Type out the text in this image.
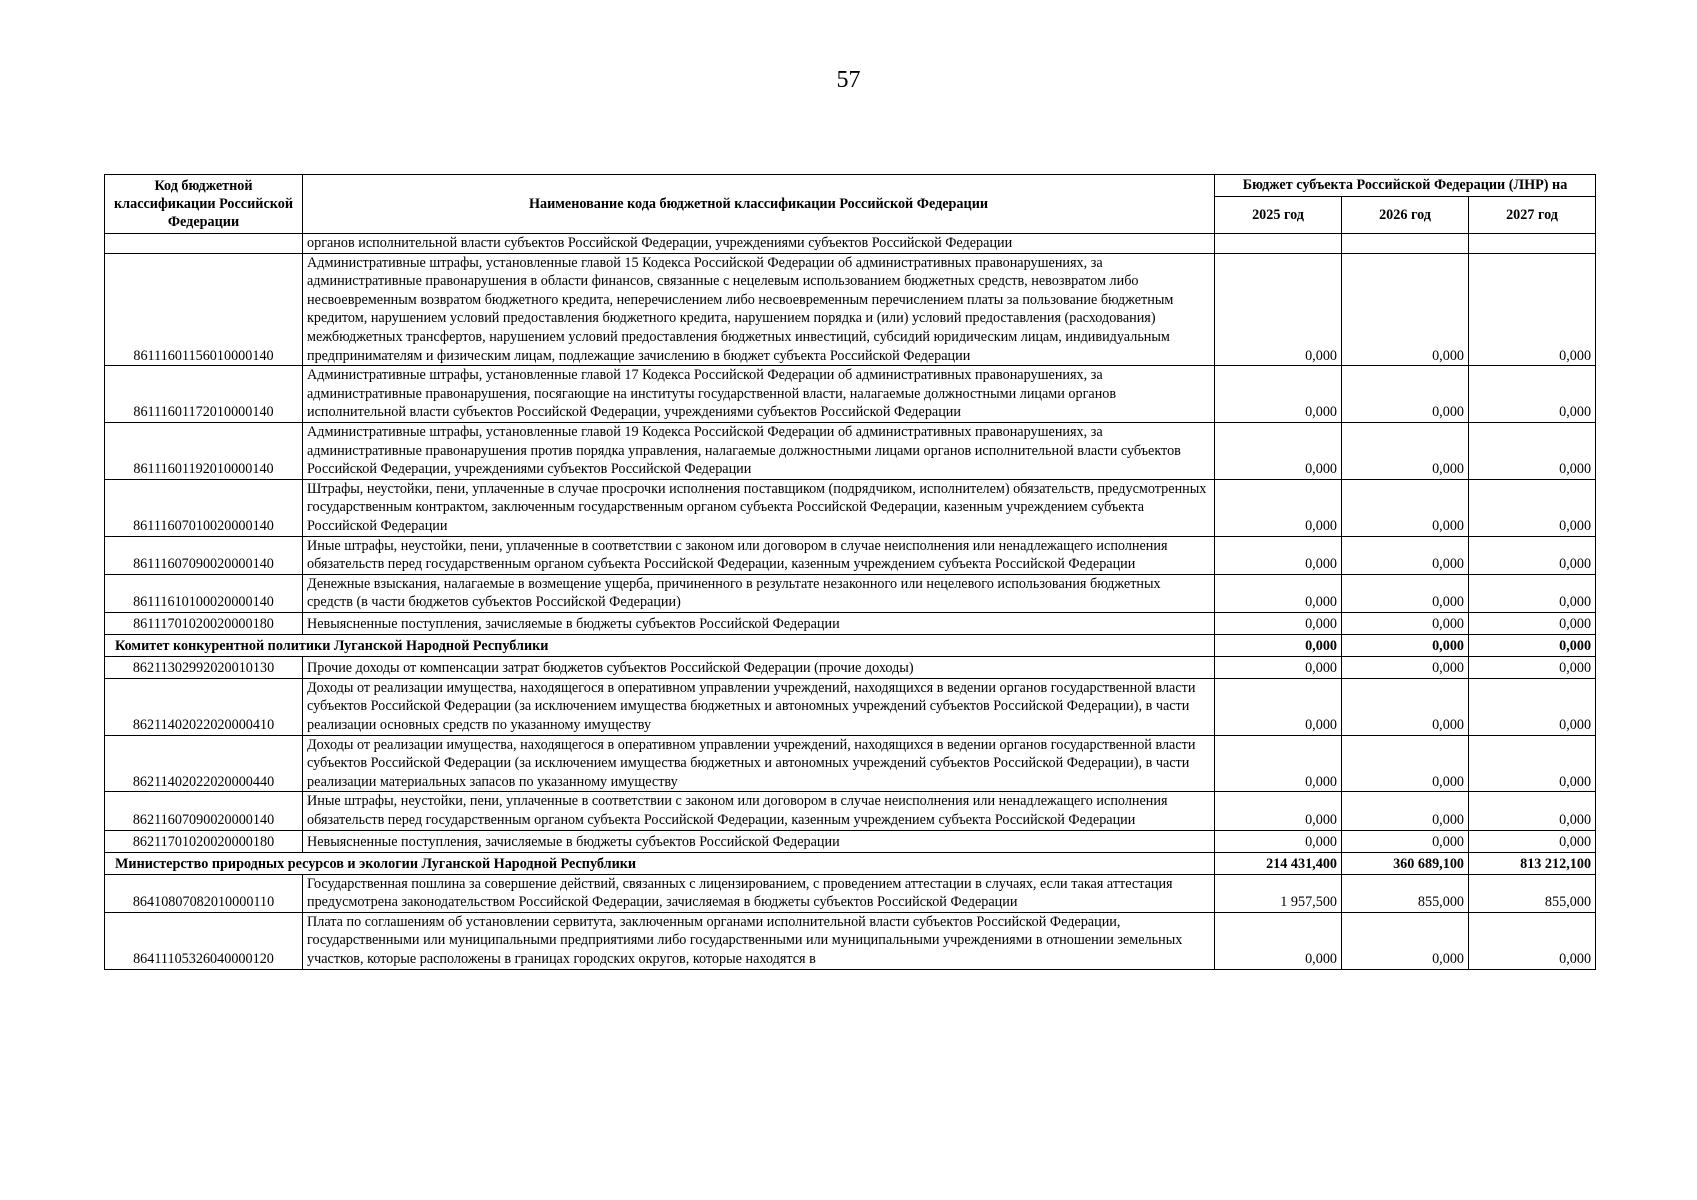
57
Код бюджетной классификации Российской Федерации	Наименование кода бюджетной классификации Российской Федерации	Бюджет субъекта Российской Федерации (ЛНР) на		
		2025 год	2026 год	2027 год
	органов исполнительной власти субъектов Российской Федерации, учреждениями субъектов Российской Федерации			
86111601156010000140	Административные штрафы, установленные главой 15 Кодекса Российской Федерации об административных правонарушениях, за административные правонарушения в области финансов, связанные с нецелевым использованием бюджетных средств, невозвратом либо несвоевременным возвратом бюджетного кредита, неперечислением либо несвоевременным перечислением платы за пользование бюджетным кредитом, нарушением условий предоставления бюджетного кредита, нарушением порядка и (или) условий предоставления (расходования) межбюджетных трансфертов, нарушением условий предоставления бюджетных инвестиций, субсидий юридическим лицам, индивидуальным предпринимателям и физическим лицам, подлежащие зачислению в бюджет субъекта Российской Федерации	0,000	0,000	0,000
86111601172010000140	Административные штрафы, установленные главой 17 Кодекса Российской Федерации об административных правонарушениях, за административные правонарушения, посягающие на институты государственной власти, налагаемые должностными лицами органов исполнительной власти субъектов Российской Федерации, учреждениями субъектов Российской Федерации	0,000	0,000	0,000
86111601192010000140	Административные штрафы, установленные главой 19 Кодекса Российской Федерации об административных правонарушениях, за административные правонарушения против порядка управления, налагаемые должностными лицами органов исполнительной власти субъектов Российской Федерации, учреждениями субъектов Российской Федерации	0,000	0,000	0,000
86111607010020000140	Штрафы, неустойки, пени, уплаченные в случае просрочки исполнения поставщиком (подрядчиком, исполнителем) обязательств, предусмотренных государственным контрактом, заключенным государственным органом субъекта Российской Федерации, казенным учреждением субъекта Российской Федерации	0,000	0,000	0,000
86111607090020000140	Иные штрафы, неустойки, пени, уплаченные в соответствии с законом или договором в случае неисполнения или ненадлежащего исполнения обязательств перед государственным органом субъекта Российской Федерации, казенным учреждением субъекта Российской Федерации	0,000	0,000	0,000
86111610100020000140	Денежные взыскания, налагаемые в возмещение ущерба, причиненного в результате незаконного или нецелевого использования бюджетных средств (в части бюджетов субъектов Российской Федерации)	0,000	0,000	0,000
86111701020020000180	Невыясненные поступления, зачисляемые в бюджеты субъектов Российской Федерации	0,000	0,000	0,000
Комитет конкурентной политики Луганской Народной Республики		0,000	0,000	0,000
86211302992020010130	Прочие доходы от компенсации затрат бюджетов субъектов Российской Федерации (прочие доходы)	0,000	0,000	0,000
86211402022020000410	Доходы от реализации имущества, находящегося в оперативном управлении учреждений, находящихся в ведении органов государственной власти субъектов Российской Федерации (за исключением имущества бюджетных и автономных учреждений субъектов Российской Федерации), в части реализации основных средств по указанному имуществу	0,000	0,000	0,000
86211402022020000440	Доходы от реализации имущества, находящегося в оперативном управлении учреждений, находящихся в ведении органов государственной власти субъектов Российской Федерации (за исключением имущества бюджетных и автономных учреждений субъектов Российской Федерации), в части реализации материальных запасов по указанному имуществу	0,000	0,000	0,000
86211607090020000140	Иные штрафы, неустойки, пени, уплаченные в соответствии с законом или договором в случае неисполнения или ненадлежащего исполнения обязательств перед государственным органом субъекта Российской Федерации, казенным учреждением субъекта Российской Федерации	0,000	0,000	0,000
86211701020020000180	Невыясненные поступления, зачисляемые в бюджеты субъектов Российской Федерации	0,000	0,000	0,000
Министерство природных ресурсов и экологии Луганской Народной Республики		214 431,400	360 689,100	813 212,100
86410807082010000110	Государственная пошлина за совершение действий, связанных с лицензированием, с проведением аттестации в случаях, если такая аттестация предусмотрена законодательством Российской Федерации, зачисляемая в бюджеты субъектов Российской Федерации	1 957,500	855,000	855,000
86411105326040000120	Плата по соглашениям об установлении сервитута, заключенным органами исполнительной власти субъектов Российской Федерации, государственными или муниципальными предприятиями либо государственными или муниципальными учреждениями в отношении земельных участков, которые расположены в границах городских округов, которые находятся в	0,000	0,000	0,000
